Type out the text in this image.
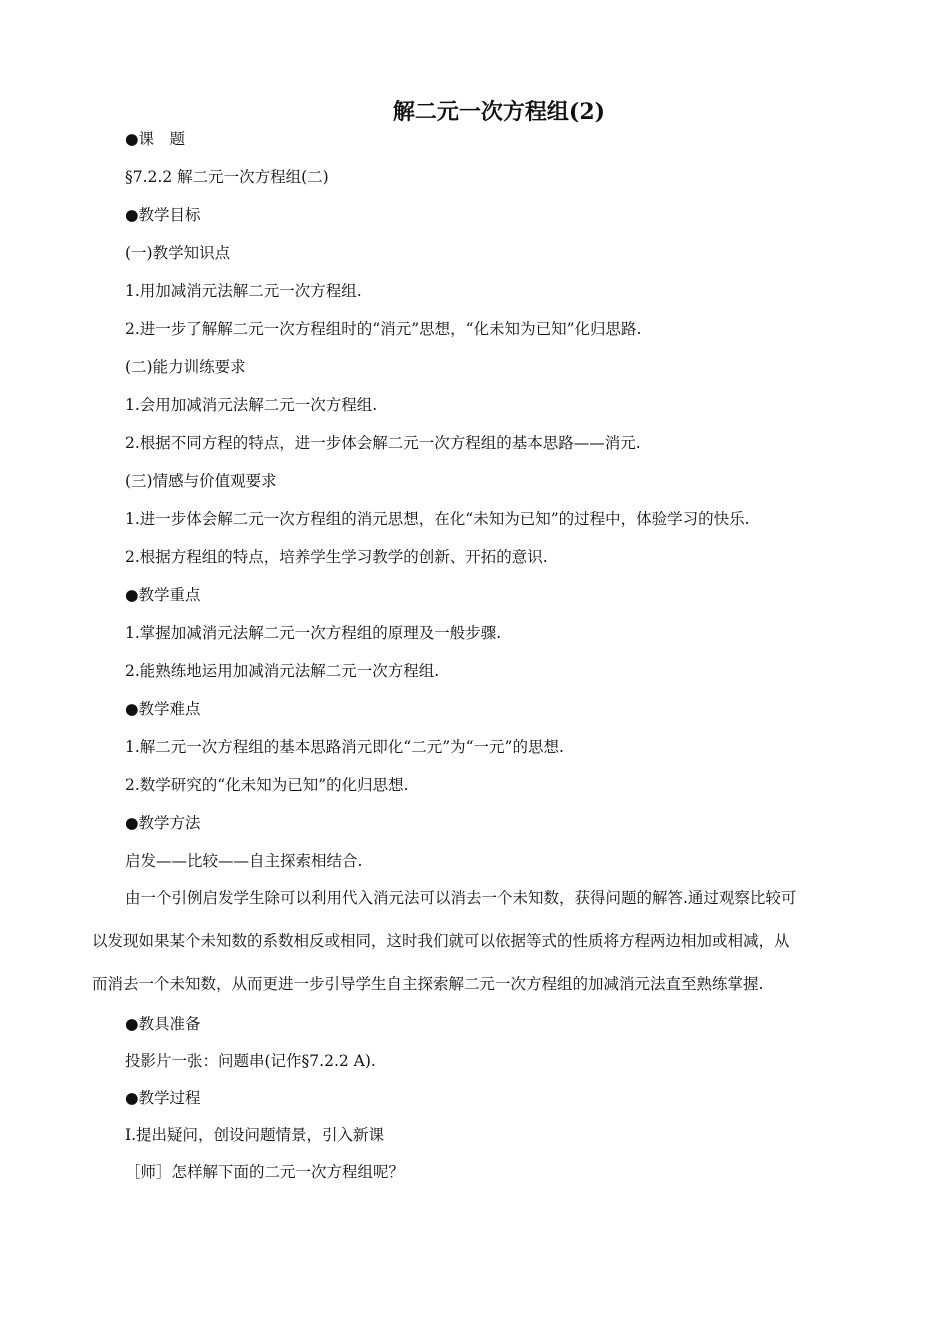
解二元一次方程组(2)

●课　题

§7.2.2 解二元一次方程组(二)

●教学目标

(一)教学知识点

1.用加减消元法解二元一次方程组.

2.进一步了解解二元一次方程组时的“消元”思想，“化未知为已知”化归思路.

(二)能力训练要求

1.会用加减消元法解二元一次方程组.

2.根据不同方程的特点，进一步体会解二元一次方程组的基本思路——消元.

(三)情感与价值观要求

1.进一步体会解二元一次方程组的消元思想，在化“未知为已知”的过程中，体验学习的快乐.

2.根据方程组的特点，培养学生学习教学的创新、开拓的意识.

●教学重点

1.掌握加减消元法解二元一次方程组的原理及一般步骤.

2.能熟练地运用加减消元法解二元一次方程组.

●教学难点

1.解二元一次方程组的基本思路消元即化“二元”为“一元”的思想.

2.数学研究的“化未知为已知”的化归思想.

●教学方法

启发——比较——自主探索相结合.

由一个引例启发学生除可以利用代入消元法可以消去一个未知数，获得问题的解答.通过观察比较可
以发现如果某个未知数的系数相反或相同，这时我们就可以依据等式的性质将方程两边相加或相减，从
而消去一个未知数，从而更进一步引导学生自主探索解二元一次方程组的加减消元法直至熟练掌握.

●教具准备

投影片一张：问题串(记作§7.2.2 A).

●教学过程

Ⅰ.提出疑问，创设问题情景，引入新课

［师］怎样解下面的二元一次方程组呢？
